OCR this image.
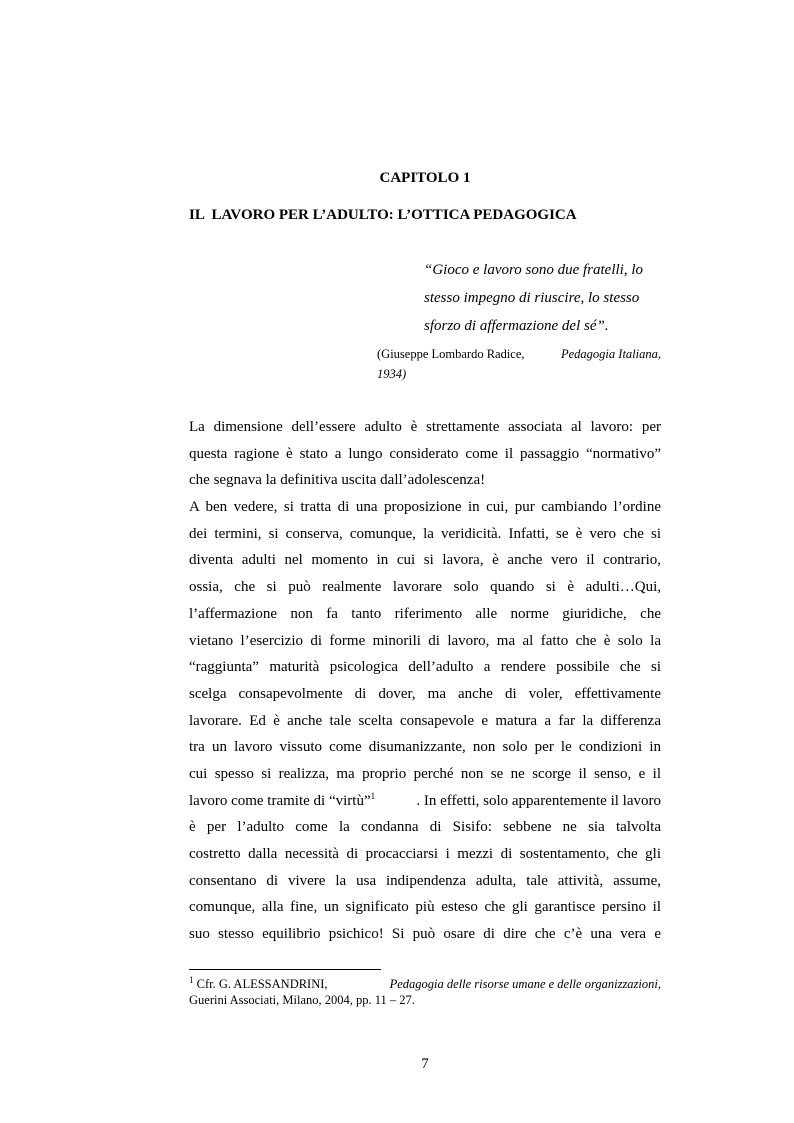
CAPITOLO 1
IL  LAVORO PER L’ADULTO: L’OTTICA PEDAGOGICA
“Gioco e lavoro sono due fratelli, lo
stesso impegno di riuscire, lo stesso
sforzo di affermazione del sé”.
(Giuseppe Lombardo Radice,	Pedagogia Italiana,
1934)
La dimensione dell’essere adulto è strettamente associata al lavoro: per
questa ragione è stato a lungo considerato come il passaggio “normativo”
che segnava la definitiva uscita dall’adolescenza!
A ben vedere, si tratta di una proposizione in cui, pur cambiando l’ordine
dei termini, si conserva, comunque, la veridicità. Infatti, se è vero che si
diventa adulti nel momento in cui si lavora, è anche vero il contrario,
ossia, che si può realmente lavorare solo quando si è adulti…Qui,
l’affermazione non fa tanto riferimento alle norme giuridiche, che
vietano l’esercizio di forme minorili di lavoro, ma al fatto che è solo la
“raggiunta” maturità psicologica dell’adulto a rendere possibile che si
scelga consapevolmente di dover, ma anche di voler, effettivamente
lavorare. Ed è anche tale scelta consapevole e matura a far la differenza
tra un lavoro vissuto come disumanizzante, non solo per le condizioni in
cui spesso si realizza, ma proprio perché non se ne scorge il senso, e il
lavoro come tramite di “virtù”$^1$	. In effetti, solo apparentemente il lavoro
è per l’adulto come la condanna di Sisifo: sebbene ne sia talvolta
costretto dalla necessità di procacciarsi i mezzi di sostentamento, che gli
consentano di vivere la usa indipendenza adulta, tale attività, assume,
comunque, alla fine, un significato più esteso che gli garantisce persino il
suo stesso equilibrio psichico! Si può osare di dire che c’è una vera e
$^1$ Cfr. G. ALESSANDRINI,	Pedagogia delle risorse umane e delle organizzazioni,
Guerini Associati, Milano, 2004, pp. 11 – 27.
7
